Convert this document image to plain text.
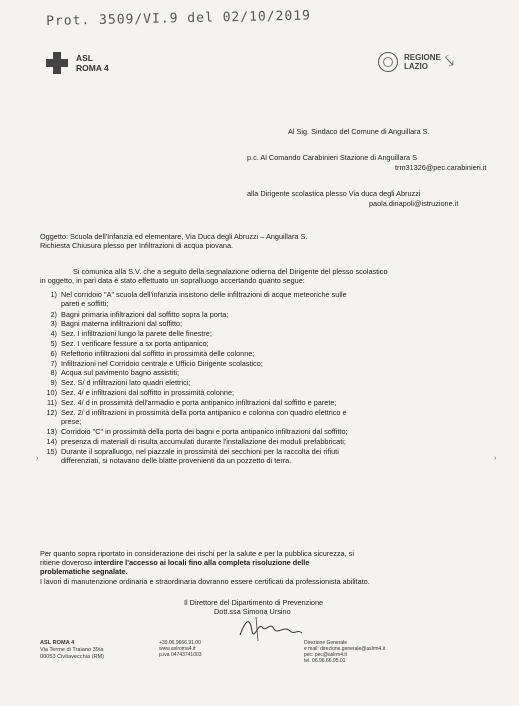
Prot. 3509/VI.9 del 02/10/2019
ASL
ROMA 4
REGIONE
LAZIO	⤥
Al Sig. Sindaco del Comune di Anguillara S.
p.c. Al Comando Carabinieri Stazione di Anguillara S
trm31326@pec.carabinieri.it
alla Dirigente scolastica plesso Via duca degli Abruzzi
paola.dinapoli@istruzione.it
Oggetto: Scuola dell'Infanzia ed elementare, Via Duca degli Abruzzi – Anguillara S.
Richiesta Chiusura plesso per Infiltrazioni di acqua piovana.
Si comunica alla S.V. che a seguito della segnalazione odierna del Dirigente del plesso scolastico
in oggetto, in pari data è stato effettuato un sopralluogo accertando quanto segue:
1) Nel corridoio "A" scuola dell'infanzia insistono delle infiltrazioni di acque meteoriche sulle
pareti e soffitti;
2) Bagni primaria infiltrazioni dal soffitto sopra la porta;
3) Bagni materna infiltrazioni dal soffitto;
4) Sez. I infiltrazioni lungo la parete delle finestre;
5) Sez. I verificare fessure a sx porta antipanico;
6) Refettorio infiltrazioni dal soffitto in prossimità delle colonne;
7) Infiltrazioni nel Corridoio centrale e Ufficio Dirigente scolastico;
8) Acqua sul pavimento bagno assistiti;
9) Sez. S/ d infiltrazioni lato quadri elettrici;
10) Sez. 4/ e infiltrazioni dal soffitto in prossimità colonne;
11) Sez. 4/ d in prossimità dell'armadio e porta antipanico infiltrazioni dal soffitto e parete;
12) Sez. 2/ d infiltrazioni in prossimità della porta antipanico e colonna con quadro elettrico e
prese;
13) Corridoio "C" in prossimità della porta dei bagni e porta antipanico infiltrazioni dal soffitto;
14) presenza di materiali di risulta accumulati durante l'installazione dei moduli prefabbricati;
15) Durante il sopralluogo, nel piazzale in prossimità dei secchioni per la raccolta dei rifiuti
differenziati, si notavano delle blatte provenienti da un pozzetto di terra.
Per quanto sopra riportato in considerazione dei rischi per la salute e per la pubblica sicurezza, si
ritiene doveroso interdire l'accesso ai locali fino alla completa risoluzione delle
problematiche segnalate.
I lavori di manutenzione ordinaria e straordinaria dovranno essere certificati da professionista abilitato.
Il Direttore del Dipartimento di Prevenzione
Dott.ssa Simona Ursino
ASL ROMA 4
Via Terme di Traiano 39/a
00053 Civitavecchia (RM)
+39.06.9666.91.00
www.aslroma4.it
p.iva 04743741003
Direzione Generale
e mail: direzione.generale@aslrm4.it
pec: pec@aslrm4.it
tel. 06.96.66.95.01
›	›
